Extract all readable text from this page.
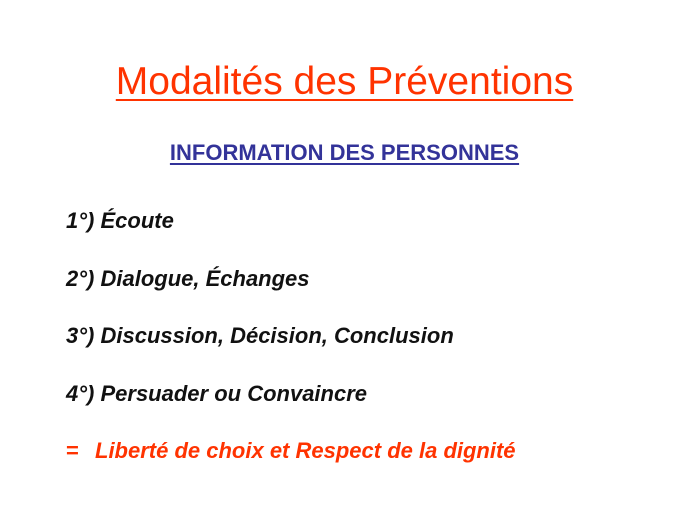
Modalités des Préventions
INFORMATION DES PERSONNES
1°) Écoute
2°) Dialogue, Échanges
3°) Discussion, Décision, Conclusion
4°) Persuader ou Convaincre
= Liberté de choix et Respect de la dignité
